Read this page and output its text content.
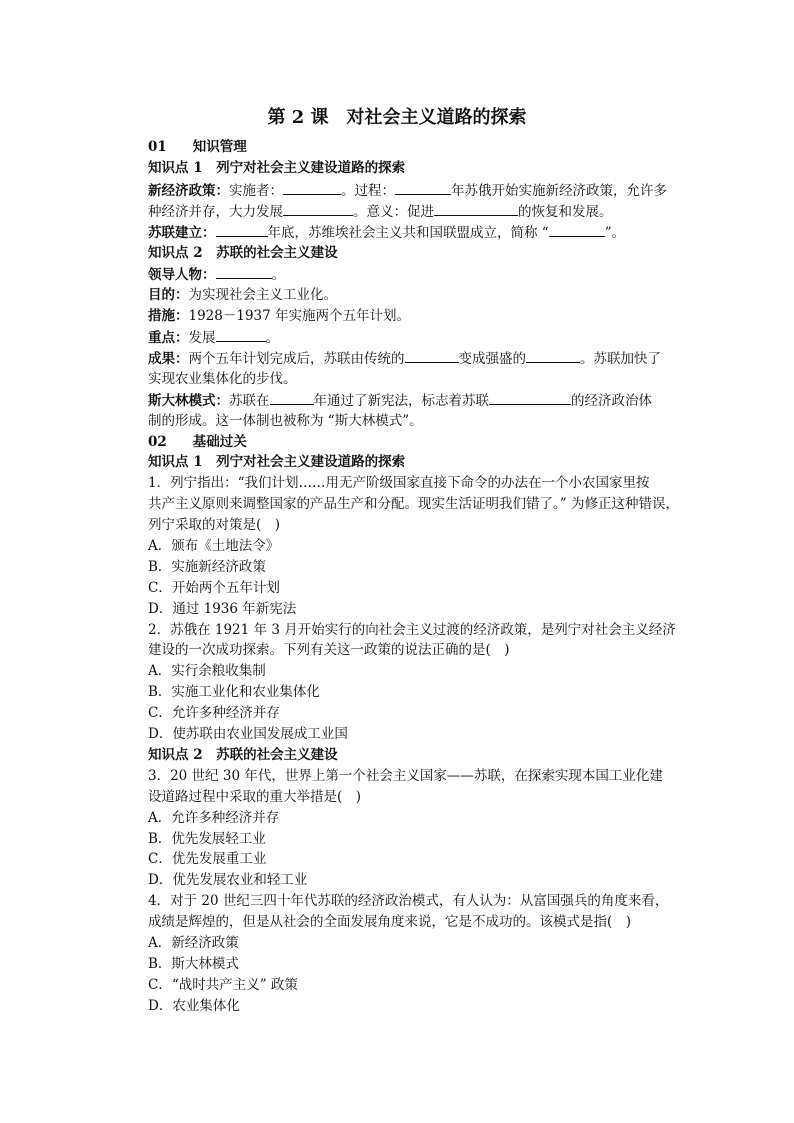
第 2 课　对社会主义道路的探索
01 知识管理
知识点 1　列宁对社会主义建设道路的探索
新经济政策：实施者：	。过程：	年苏俄开始实施新经济政策，允许多
种经济并存，大力发展	。意义：促进	的恢复和发展。
苏联建立：	年底，苏维埃社会主义共和国联盟成立，简称 “	”。
知识点 2　苏联的社会主义建设
领导人物：	。
目的：为实现社会主义工业化。
措施：1928－1937 年实施两个五年计划。
重点：发展	。
成果：两个五年计划完成后，苏联由传统的	变成强盛的	。苏联加快了
实现农业集体化的步伐。
斯大林模式：苏联在	年通过了新宪法，标志着苏联	的经济政治体
制的形成。这一体制也被称为 “斯大林模式”。
02 基础过关
知识点 1　列宁对社会主义建设道路的探索
1．列宁指出：“我们计划……用无产阶级国家直接下命令的办法在一个小农国家里按
共产主义原则来调整国家的产品生产和分配。现实生活证明我们错了。” 为修正这种错误，
列宁采取的对策是(　)
A．颁布《土地法令》
B．实施新经济政策
C．开始两个五年计划
D．通过 1936 年新宪法
2．苏俄在 1921 年 3 月开始实行的向社会主义过渡的经济政策，是列宁对社会主义经济
建设的一次成功探索。下列有关这一政策的说法正确的是(　)
A．实行余粮收集制
B．实施工业化和农业集体化
C．允许多种经济并存
D．使苏联由农业国发展成工业国
知识点 2　苏联的社会主义建设
3．20 世纪 30 年代，世界上第一个社会主义国家——苏联，在探索实现本国工业化建
设道路过程中采取的重大举措是(　)
A．允许多种经济并存
B．优先发展轻工业
C．优先发展重工业
D．优先发展农业和轻工业
4．对于 20 世纪三四十年代苏联的经济政治模式，有人认为：从富国强兵的角度来看，
成绩是辉煌的，但是从社会的全面发展角度来说，它是不成功的。该模式是指(　)
A．新经济政策
B．斯大林模式
C．“战时共产主义” 政策
D．农业集体化
